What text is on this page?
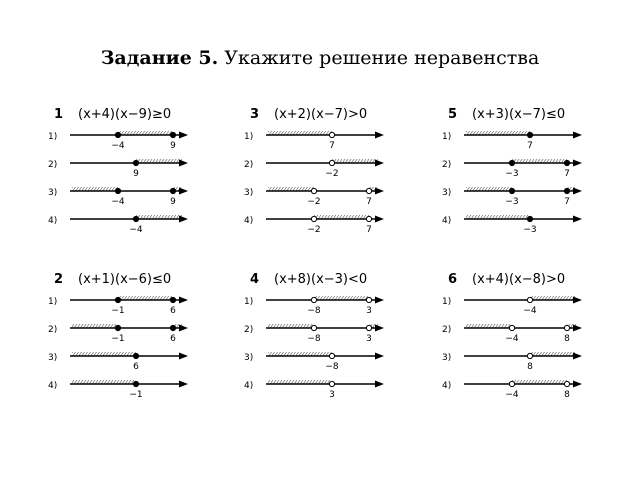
Задание 5. Укажите решение неравенства
1 (x+4)(x−9)≥0
1)
−4	9
2)
9
3)
−4	9
4)
−4
3 (x+2)(x−7)>0
1)
7
2)
−2
3)
−2	7
4)
−2	7
5 (x+3)(x−7)≤0
1)
7
2)
−3	7
3)
−3	7
4)
−3
2 (x+1)(x−6)≤0
1)
−1	6
2)
−1	6
3)
6
4)
−1
4 (x+8)(x−3)<0
1)
−8	3
2)
−8	3
3)
−8
4)
3
6 (x+4)(x−8)>0
1)
−4
2)
−4	8
3)
8
4)
−4	8
